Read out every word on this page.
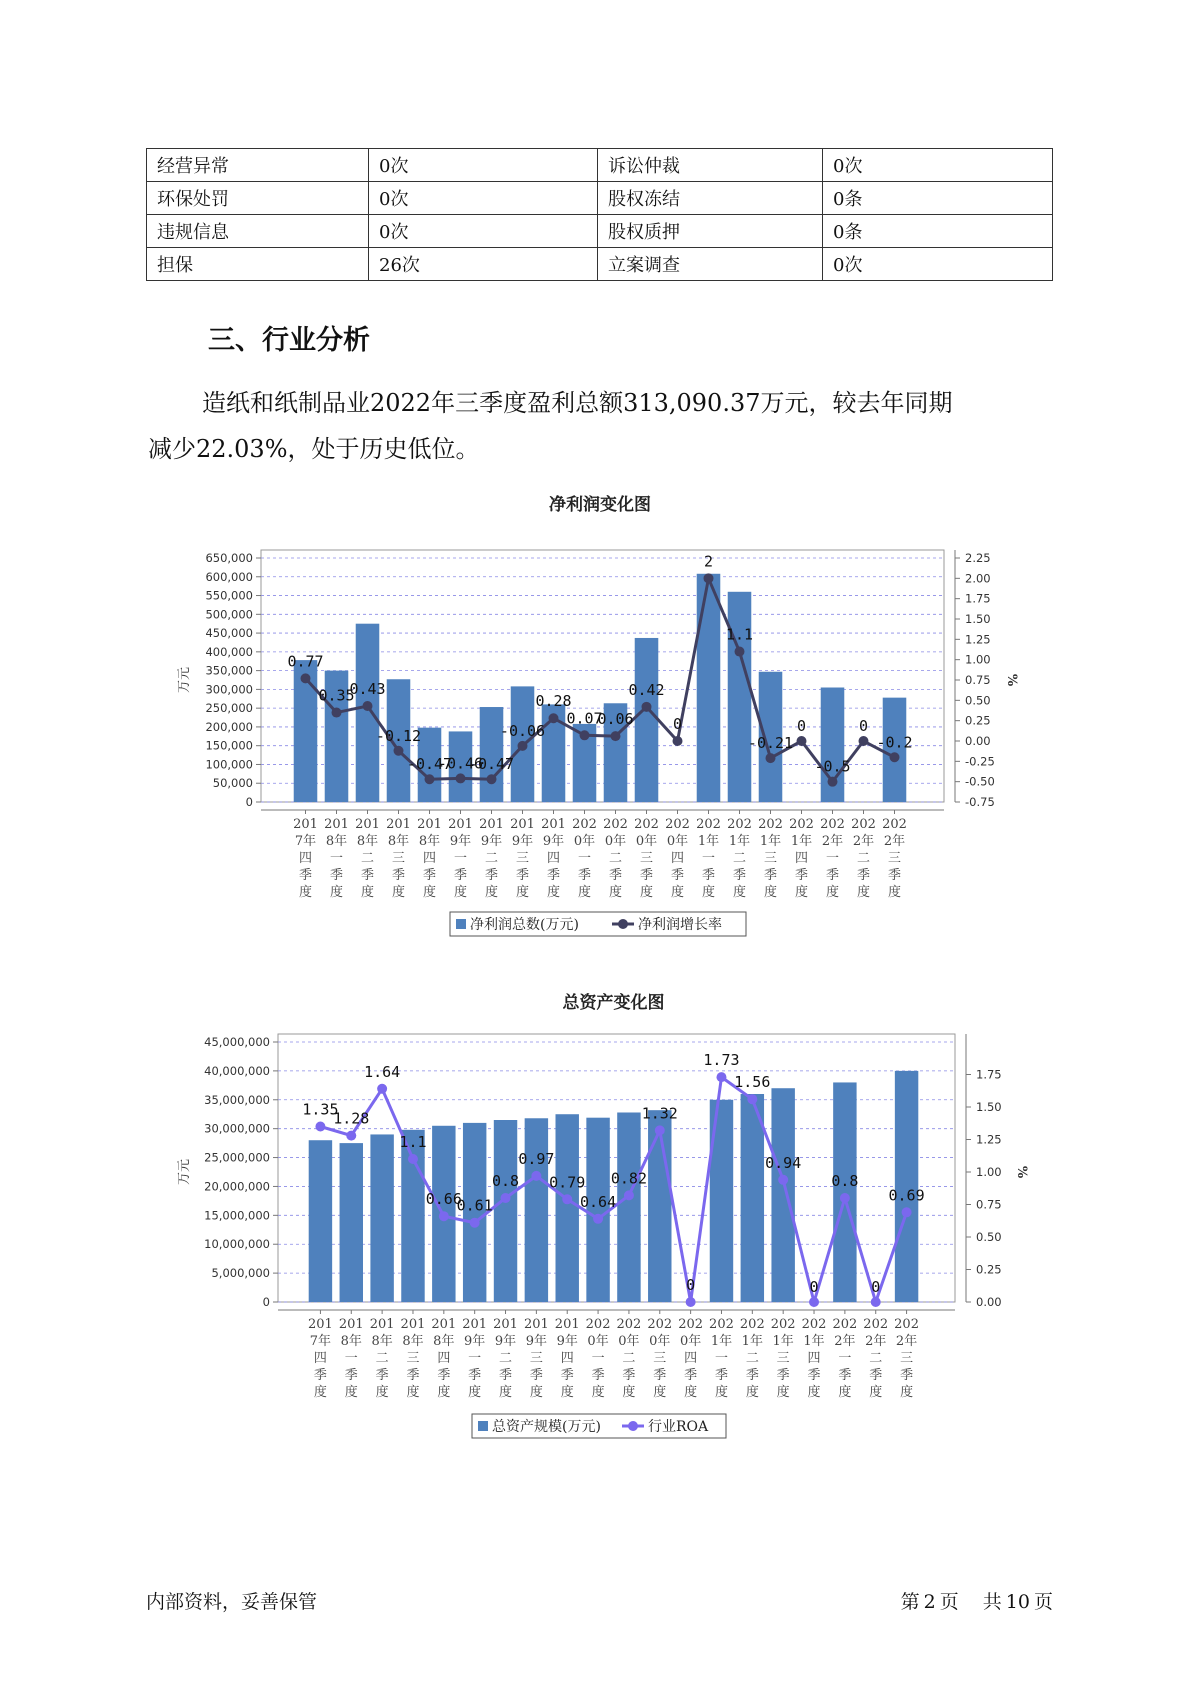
经营异常	0次	诉讼仲裁	0次
环保处罚	0次	股权冻结	0条
违规信息	0次	股权质押	0条
担保	26次	立案调查	0次
三、行业分析
造纸和纸制品业2022年三季度盈利总额313,090.37万元，较去年同期
减少22.03%，处于历史低位。
净利润变化图
0
50,000
100,000
150,000
200,000
250,000
300,000
350,000
400,000
450,000
500,000
550,000
600,000
650,000
-0.75
-0.50
-0.25
0.00
0.25
0.50
0.75
1.00
1.25
1.50
1.75
2.00
2.25
万元	%
201 7年四季度
201 8年一季度
201 8年二季度
201 8年三季度
201 8年四季度
201 9年一季度
201 9年二季度
201 9年三季度
201 9年四季度
202 0年一季度
202 0年二季度
202 0年三季度
202 0年四季度
202 1年一季度
202 1年二季度
202 1年三季度
202 1年四季度
202 2年一季度
202 2年二季度
202 2年三季度
0.77
0.35
0.43
-0.12
-0.47
-0.46
-0.47
-0.06
0.28
0.07
0.06
0.42
0
2
1.1
-0.21
0
-0.5
0
-0.2
净利润总数(万元)	净利润增长率
总资产变化图
0
5,000,000
10,000,000
15,000,000
20,000,000
25,000,000
30,000,000
35,000,000
40,000,000
45,000,000
0.00
0.25
0.50
0.75
1.00
1.25
1.50
1.75
万元	%
201 7年四季度
201 8年一季度
201 8年二季度
201 8年三季度
201 8年四季度
201 9年一季度
201 9年二季度
201 9年三季度
201 9年四季度
202 0年一季度
202 0年二季度
202 0年三季度
202 0年四季度
202 1年一季度
202 1年二季度
202 1年三季度
202 1年四季度
202 2年一季度
202 2年二季度
202 2年三季度
1.35
1.28
1.64
1.1
0.66
0.61
0.8
0.97
0.79
0.64
0.82
1.32
0
1.73
1.56
0.94
0
0.8
0
0.69
总资产规模(万元)	行业ROA
内部资料，妥善保管	第 2 页 共 10 页
